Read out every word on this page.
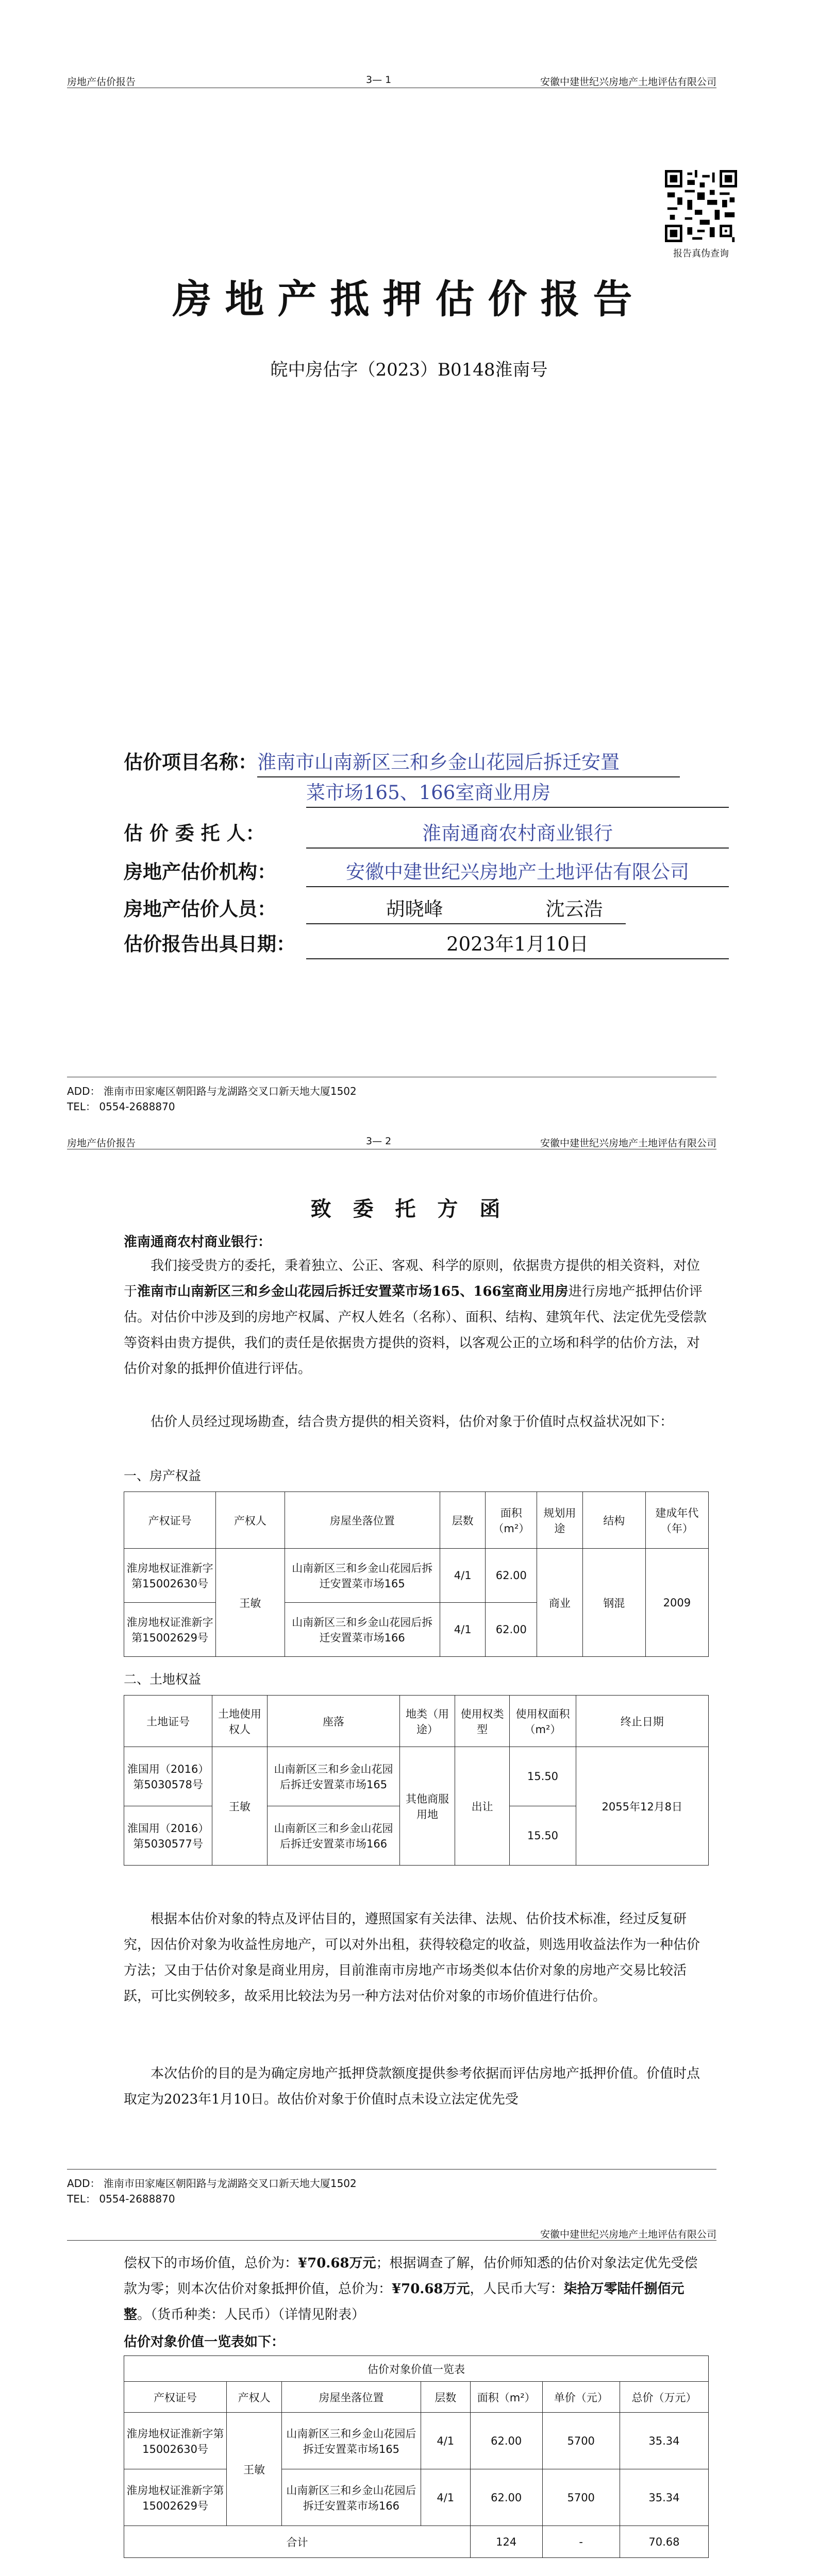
房地产估价报告	3— 1	安徽中建世纪兴房地产土地评估有限公司
报告真伪查询
房地产抵押估价报告
皖中房估字（2023）B0148淮南号
估价项目名称：淮南市山南新区三和乡金山花园后拆迁安置
菜市场165、166室商业用房
估 价 委 托 人：	淮南通商农村商业银行
房地产估价机构：	安徽中建世纪兴房地产土地评估有限公司
房地产估价人员：	胡晓峰	沈云浩
估价报告出具日期：	2023年1月10日
ADD： 淮南市田家庵区朝阳路与龙湖路交叉口新天地大厦1502
TEL： 0554-2688870
房地产估价报告	3— 2	安徽中建世纪兴房地产土地评估有限公司
致 委 托 方 函
淮南通商农村商业银行：

我们接受贵方的委托，秉着独立、公正、客观、科学的原则，依据贵方提供的相关资料，对位于淮南市山南新区三和乡金山花园后拆迁安置菜市场165、166室商业用房进行房地产抵押估价评估。对估价中涉及到的房地产权属、产权人姓名（名称）、面积、结构、建筑年代、法定优先受偿款等资料由贵方提供，我们的责任是依据贵方提供的资料，以客观公正的立场和科学的估价方法，对估价对象的抵押价值进行评估。

估价人员经过现场勘查，结合贵方提供的相关资料，估价对象于价值时点权益状况如下：

一、房产权益
产权证号	产权人	房屋坐落位置	层数	面积（m²）	规划用途	结构	建成年代（年）
淮房地权证淮新字第15002630号	王敏	山南新区三和乡金山花园后拆迁安置菜市场165	4/1	62.00	商业	钢混	2009
淮房地权证淮新字第15002629号		山南新区三和乡金山花园后拆迁安置菜市场166	4/1	62.00			
二、土地权益
土地证号	土地使用权人	座落	地类（用途）	使用权类型	使用权面积（m²）	终止日期
淮国用（2016）第5030578号	王敏	山南新区三和乡金山花园后拆迁安置菜市场165	其他商服用地	出让	15.50	2055年12月8日
淮国用（2016）第5030577号		山南新区三和乡金山花园后拆迁安置菜市场166			15.50	

根据本估价对象的特点及评估目的，遵照国家有关法律、法规、估价技术标准，经过反复研究，因估价对象为收益性房地产，可以对外出租，获得较稳定的收益，则选用收益法作为一种估价方法；又由于估价对象是商业用房，目前淮南市房地产市场类似本估价对象的房地产交易比较活跃，可比实例较多，故采用比较法为另一种方法对估价对象的市场价值进行估价。

本次估价的目的是为确定房地产抵押贷款额度提供参考依据而评估房地产抵押价值。价值时点取定为2023年1月10日。故估价对象于价值时点未设立法定优先受

ADD： 淮南市田家庵区朝阳路与龙湖路交叉口新天地大厦1502
TEL： 0554-2688870
安徽中建世纪兴房地产土地评估有限公司

偿权下的市场价值，总价为：¥70.68万元；根据调查了解，估价师知悉的估价对象法定优先受偿款为零；则本次估价对象抵押价值，总价为：¥70.68万元，人民币大写：柒拾万零陆仟捌佰元整。（货币种类：人民币）（详情见附表）

估价对象价值一览表如下：
估价对象价值一览表						
产权证号	产权人	房屋坐落位置	层数	面积（m²）	单价（元）	总价（万元）
淮房地权证淮新字第15002630号	王敏	山南新区三和乡金山花园后拆迁安置菜市场165	4/1	62.00	5700	35.34
淮房地权证淮新字第15002629号		山南新区三和乡金山花园后拆迁安置菜市场166	4/1	62.00	5700	35.34
合计				124	-	70.68
